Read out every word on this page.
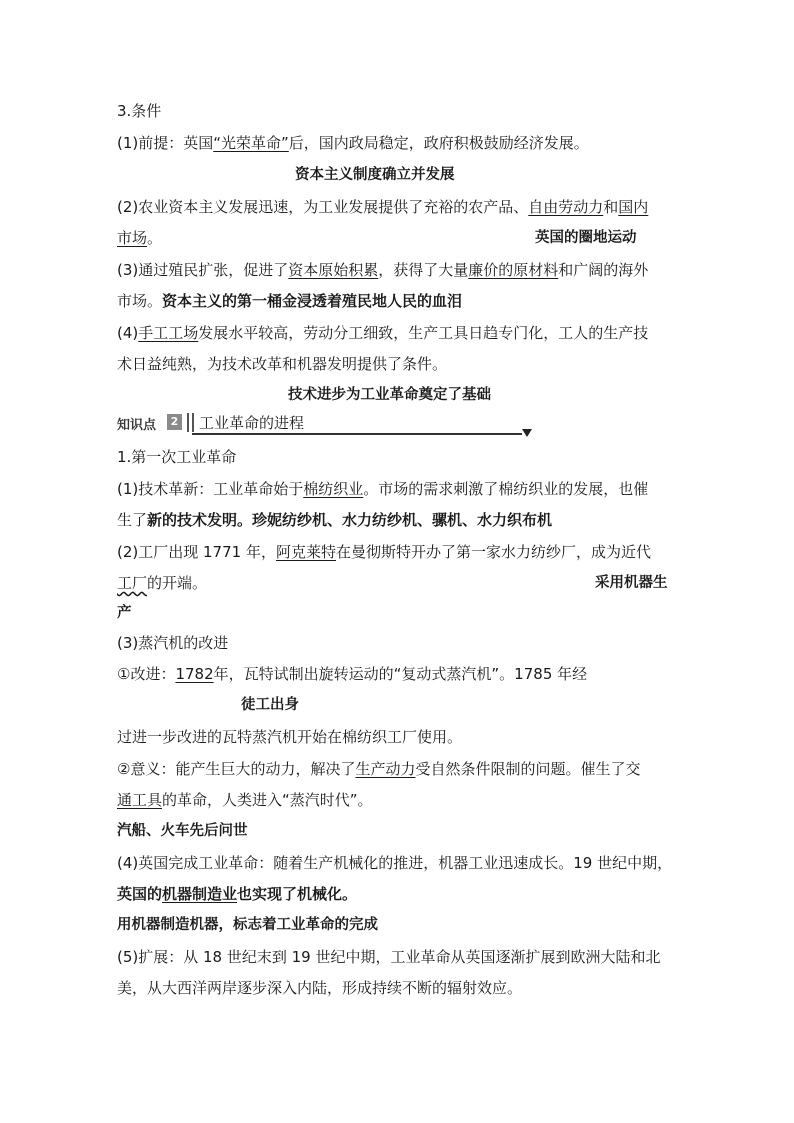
3.条件
(1)前提：英国“光荣革命”后，国内政局稳定，政府积极鼓励经济发展。
资本主义制度确立并发展
(2)农业资本主义发展迅速，为工业发展提供了充裕的农产品、自由劳动力和国内
市场。	英国的圈地运动
(3)通过殖民扩张，促进了资本原始积累，获得了大量廉价的原材料和广阔的海外
市场。资本主义的第一桶金浸透着殖民地人民的血泪
(4)手工工场发展水平较高，劳动分工细致，生产工具日趋专门化，工人的生产技
术日益纯熟，为技术改革和机器发明提供了条件。
技术进步为工业革命奠定了基础
知识点	2 工业革命的进程
1.第一次工业革命
(1)技术革新：工业革命始于棉纺织业。市场的需求刺激了棉纺织业的发展，也催
生了新的技术发明。珍妮纺纱机、水力纺纱机、骡机、水力织布机
(2)工厂出现 1771 年，阿克莱特在曼彻斯特开办了第一家水力纺纱厂，成为近代
工厂的开端。	采用机器生
产
(3)蒸汽机的改进
①改进：1782年，瓦特试制出旋转运动的“复动式蒸汽机”。1785 年经
徒工出身
过进一步改进的瓦特蒸汽机开始在棉纺织工厂使用。
②意义：能产生巨大的动力，解决了生产动力受自然条件限制的问题。催生了交
通工具的革命，人类进入“蒸汽时代”。
汽船、火车先后问世
(4)英国完成工业革命：随着生产机械化的推进，机器工业迅速成长。19 世纪中期，
英国的机器制造业也实现了机械化。
用机器制造机器，标志着工业革命的完成
(5)扩展：从 18 世纪末到 19 世纪中期，工业革命从英国逐渐扩展到欧洲大陆和北
美，从大西洋两岸逐步深入内陆，形成持续不断的辐射效应。
